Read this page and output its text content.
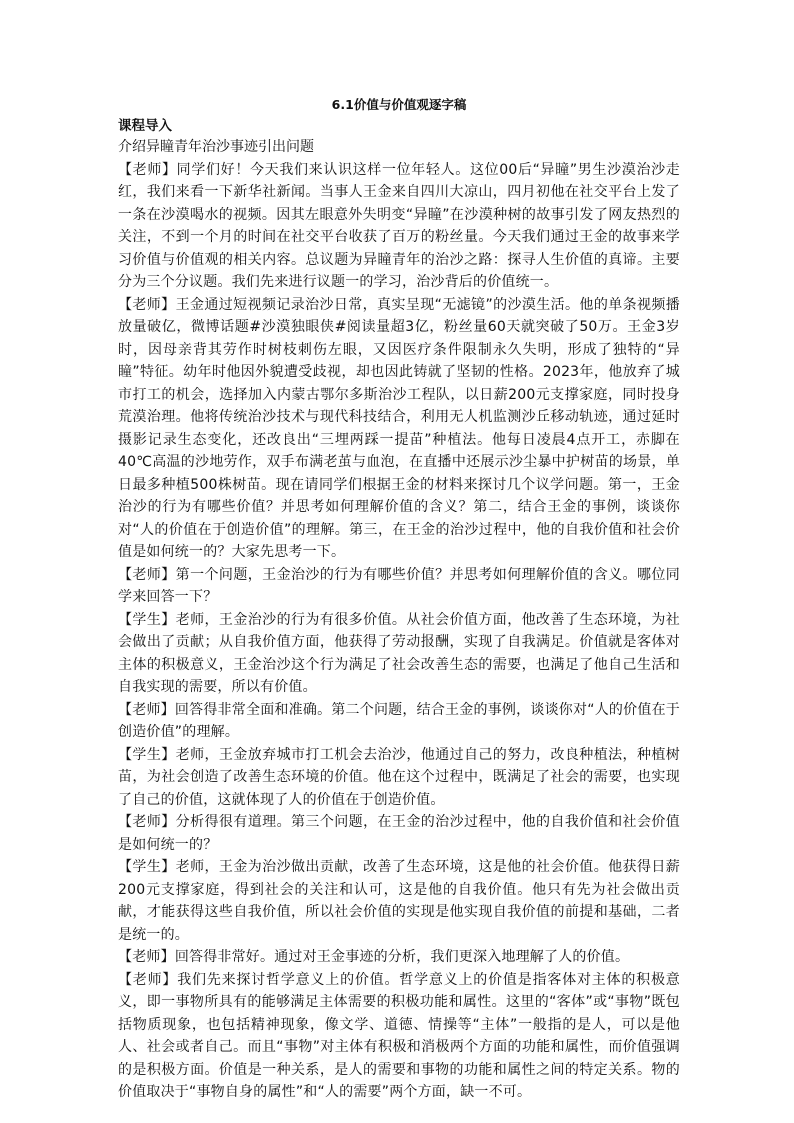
6.1价值与价值观逐字稿
课程导入
介绍异瞳青年治沙事迹引出问题

【老师】同学们好！今天我们来认识这样一位年轻人。这位00后“异瞳”男生沙漠治沙走红，我们来看一下新华社新闻。当事人王金来自四川大凉山，四月初他在社交平台上发了一条在沙漠喝水的视频。因其左眼意外失明变“异瞳”在沙漠种树的故事引发了网友热烈的关注，不到一个月的时间在社交平台收获了百万的粉丝量。今天我们通过王金的故事来学习价值与价值观的相关内容。总议题为异瞳青年的治沙之路：探寻人生价值的真谛。主要分为三个分议题。我们先来进行议题一的学习，治沙背后的价值统一。

【老师】王金通过短视频记录治沙日常，真实呈现“无滤镜”的沙漠生活。他的单条视频播放量破亿，微博话题#沙漠独眼侠#阅读量超3亿，粉丝量60天就突破了50万。王金3岁时，因母亲背其劳作时树枝刺伤左眼，又因医疗条件限制永久失明，形成了独特的“异瞳”特征。幼年时他因外貌遭受歧视，却也因此铸就了坚韧的性格。2023年，他放弃了城市打工的机会，选择加入内蒙古鄂尔多斯治沙工程队，以日薪200元支撑家庭，同时投身荒漠治理。他将传统治沙技术与现代科技结合，利用无人机监测沙丘移动轨迹，通过延时摄影记录生态变化，还改良出“三埋两踩一提苗”种植法。他每日凌晨4点开工，赤脚在40℃高温的沙地劳作，双手布满老茧与血泡，在直播中还展示沙尘暴中护树苗的场景，单日最多种植500株树苗。现在请同学们根据王金的材料来探讨几个议学问题。第一，王金治沙的行为有哪些价值？并思考如何理解价值的含义？第二，结合王金的事例，谈谈你对“人的价值在于创造价值”的理解。第三，在王金的治沙过程中，他的自我价值和社会价值是如何统一的？大家先思考一下。

【老师】第一个问题，王金治沙的行为有哪些价值？并思考如何理解价值的含义。哪位同学来回答一下？

【学生】老师，王金治沙的行为有很多价值。从社会价值方面，他改善了生态环境，为社会做出了贡献；从自我价值方面，他获得了劳动报酬，实现了自我满足。价值就是客体对主体的积极意义，王金治沙这个行为满足了社会改善生态的需要，也满足了他自己生活和自我实现的需要，所以有价值。

【老师】回答得非常全面和准确。第二个问题，结合王金的事例，谈谈你对“人的价值在于创造价值”的理解。

【学生】老师，王金放弃城市打工机会去治沙，他通过自己的努力，改良种植法，种植树苗，为社会创造了改善生态环境的价值。他在这个过程中，既满足了社会的需要，也实现了自己的价值，这就体现了人的价值在于创造价值。

【老师】分析得很有道理。第三个问题，在王金的治沙过程中，他的自我价值和社会价值是如何统一的？

【学生】老师，王金为治沙做出贡献，改善了生态环境，这是他的社会价值。他获得日薪200元支撑家庭，得到社会的关注和认可，这是他的自我价值。他只有先为社会做出贡献，才能获得这些自我价值，所以社会价值的实现是他实现自我价值的前提和基础，二者是统一的。

【老师】回答得非常好。通过对王金事迹的分析，我们更深入地理解了人的价值。

【老师】我们先来探讨哲学意义上的价值。哲学意义上的价值是指客体对主体的积极意义，即一事物所具有的能够满足主体需要的积极功能和属性。这里的“客体”或“事物”既包括物质现象，也包括精神现象，像文学、道德、情操等“主体”一般指的是人，可以是他人、社会或者自己。而且“事物”对主体有积极和消极两个方面的功能和属性，而价值强调的是积极方面。价值是一种关系，是人的需要和事物的功能和属性之间的特定关系。物的价值取决于“事物自身的属性”和“人的需要”两个方面，缺一不可。
